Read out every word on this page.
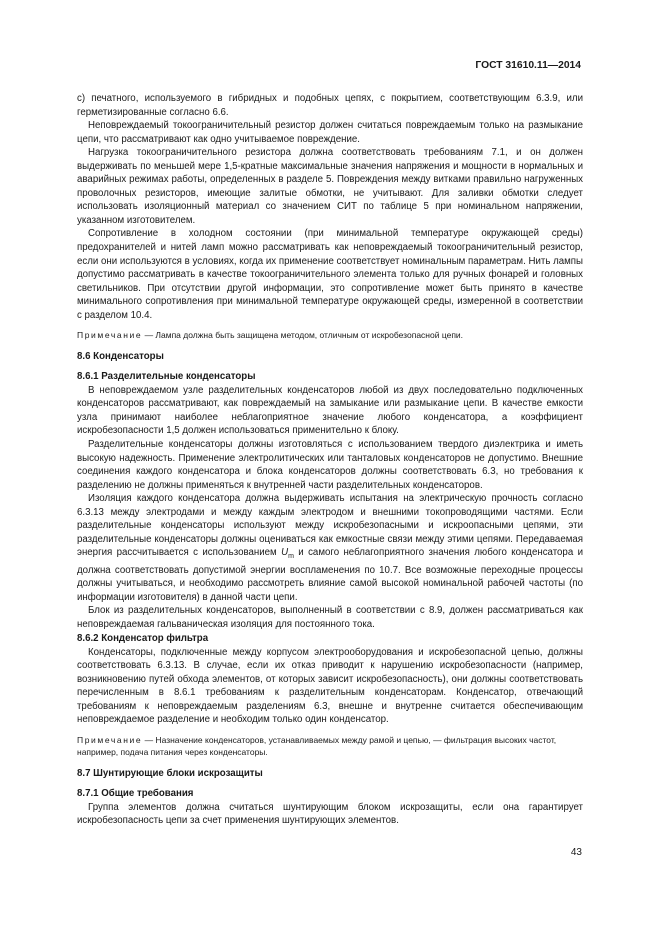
ГОСТ 31610.11—2014

c) печатного, используемого в гибридных и подобных цепях, с покрытием, соответствующим 6.3.9, или герметизированные согласно 6.6.

Неповреждаемый токоограничительный резистор должен считаться повреждаемым только на размыкание цепи, что рассматривают как одно учитываемое повреждение.

Нагрузка токоограничительного резистора должна соответствовать требованиям 7.1, и он должен выдерживать по меньшей мере 1,5-кратные максимальные значения напряжения и мощности в нормальных и аварийных режимах работы, определенных в разделе 5. Повреждения между витками правильно нагруженных проволочных резисторов, имеющие залитые обмотки, не учитывают. Для заливки обмотки следует использовать изоляционный материал со значением СИТ по таблице 5 при номинальном напряжении, указанном изготовителем.

Сопротивление в холодном состоянии (при минимальной температуре окружающей среды) предохранителей и нитей ламп можно рассматривать как неповреждаемый токоограничительный резистор, если они используются в условиях, когда их применение соответствует номинальным параметрам. Нить лампы допустимо рассматривать в качестве токоограничительного элемента только для ручных фонарей и головных светильников. При отсутствии другой информации, это сопротивление может быть принято в качестве минимального сопротивления при минимальной температуре окружающей среды, измеренной в соответствии с разделом 10.4.

Примечание — Лампа должна быть защищена методом, отличным от искробезопасной цепи.
8.6 Конденсаторы
8.6.1 Разделительные конденсаторы

В неповреждаемом узле разделительных конденсаторов любой из двух последовательно подключенных конденсаторов рассматривают, как повреждаемый на замыкание или размыкание цепи. В качестве емкости узла принимают наиболее неблагоприятное значение любого конденсатора, а коэффициент искробезопасности 1,5 должен использоваться применительно к блоку.

Разделительные конденсаторы должны изготовляться с использованием твердого диэлектрика и иметь высокую надежность. Применение электролитических или танталовых конденсаторов не допустимо. Внешние соединения каждого конденсатора и блока конденсаторов должны соответствовать 6.3, но требования к разделению не должны применяться к внутренней части разделительных конденсаторов.

Изоляция каждого конденсатора должна выдерживать испытания на электрическую прочность согласно 6.3.13 между электродами и между каждым электродом и внешними токопроводящими частями. Если разделительные конденсаторы используют между искробезопасными и искроопасными цепями, эти разделительные конденсаторы должны оцениваться как емкостные связи между этими цепями. Передаваемая энергия рассчитывается с использованием $U_m$ и самого неблагоприятного значения любого конденсатора и должна соответствовать допустимой энергии воспламенения по 10.7. Все возможные переходные процессы должны учитываться, и необходимо рассмотреть влияние самой высокой номинальной рабочей частоты (по информации изготовителя) в данной части цепи.

Блок из разделительных конденсаторов, выполненный в соответствии с 8.9, должен рассматриваться как неповреждаемая гальваническая изоляция для постоянного тока.

8.6.2 Конденсатор фильтра

Конденсаторы, подключенные между корпусом электрооборудования и искробезопасной цепью, должны соответствовать 6.3.13. В случае, если их отказ приводит к нарушению искробезопасности (например, возникновению путей обхода элементов, от которых зависит искробезопасность), они должны соответствовать перечисленным в 8.6.1 требованиям к разделительным конденсаторам. Конденсатор, отвечающий требованиям к неповреждаемым разделениям 6.3, внешне и внутренне считается обеспечивающим неповреждаемое разделение и необходим только один конденсатор.

Примечание — Назначение конденсаторов, устанавливаемых между рамой и цепью, — фильтрация высоких частот, например, подача питания через конденсаторы.
8.7 Шунтирующие блоки искрозащиты
8.7.1 Общие требования

Группа элементов должна считаться шунтирующим блоком искрозащиты, если она гарантирует искробезопасность цепи за счет применения шунтирующих элементов.

43
